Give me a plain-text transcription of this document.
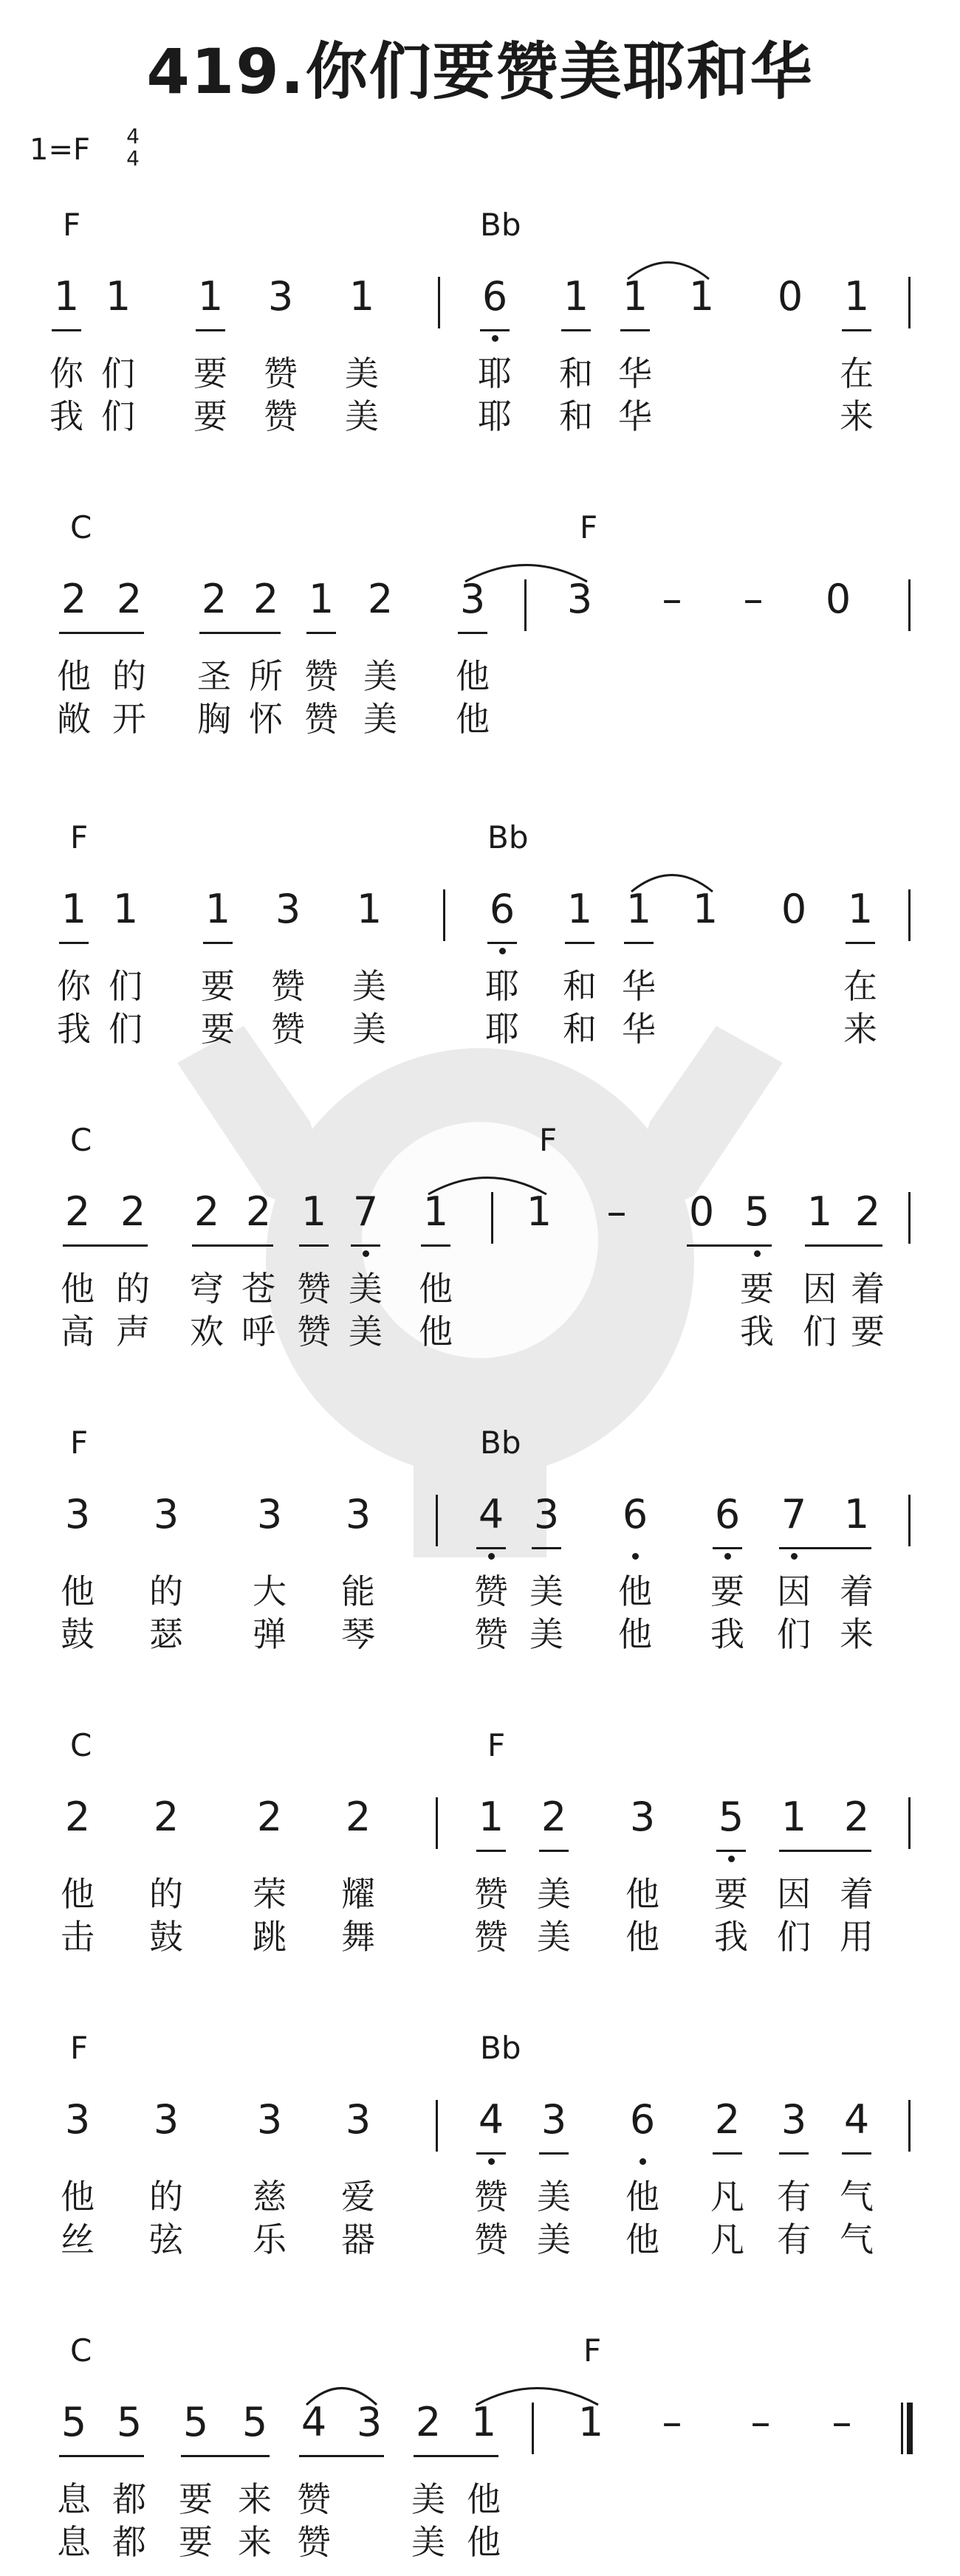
419.你们要赞美耶和华
1=F 4
4
F	Bb
1 1 1 3 1	6 1 1 1 0 1
你 们 要 赞 美	耶 和 华	在
我 们 要 赞 美	耶 和 华	来
C	F
2 2 2 2 1 2 3 3	–	–	0
他 的 圣 所 赞 美 他
敞 开 胸 怀 赞 美 他
F	Bb
1 1 1 3 1	6 1 1 1 0 1
你 们 要 赞 美	耶 和 华	在
我 们 要 赞 美	耶 和 华	来
C	F
2 2 2 2 1 7 1 1	–	0 5 1 2
他 的 穹 苍 赞 美 他	要 因 着
高 声 欢 呼 赞 美 他	我 们 要
F	Bb
3 3 3 3	4 3 6 6 7 1
他 的 大 能	赞 美 他 要 因 着
鼓 瑟 弹 琴	赞 美 他 我 们 来
C	F
2 2 2 2	1 2 3 5 1 2
他 的 荣 耀	赞 美 他 要 因 着
击 鼓 跳 舞	赞 美 他 我 们 用
F	Bb
3 3 3 3	4 3 6 2 3 4
他 的 慈 爱	赞 美 他 凡 有 气
丝 弦 乐 器	赞 美 他 凡 有 气
C	F
5 5 5 5 4 3 2 1 1	–	–	–
息 都 要 来 赞 美 他
息 都 要 来 赞 美 他
